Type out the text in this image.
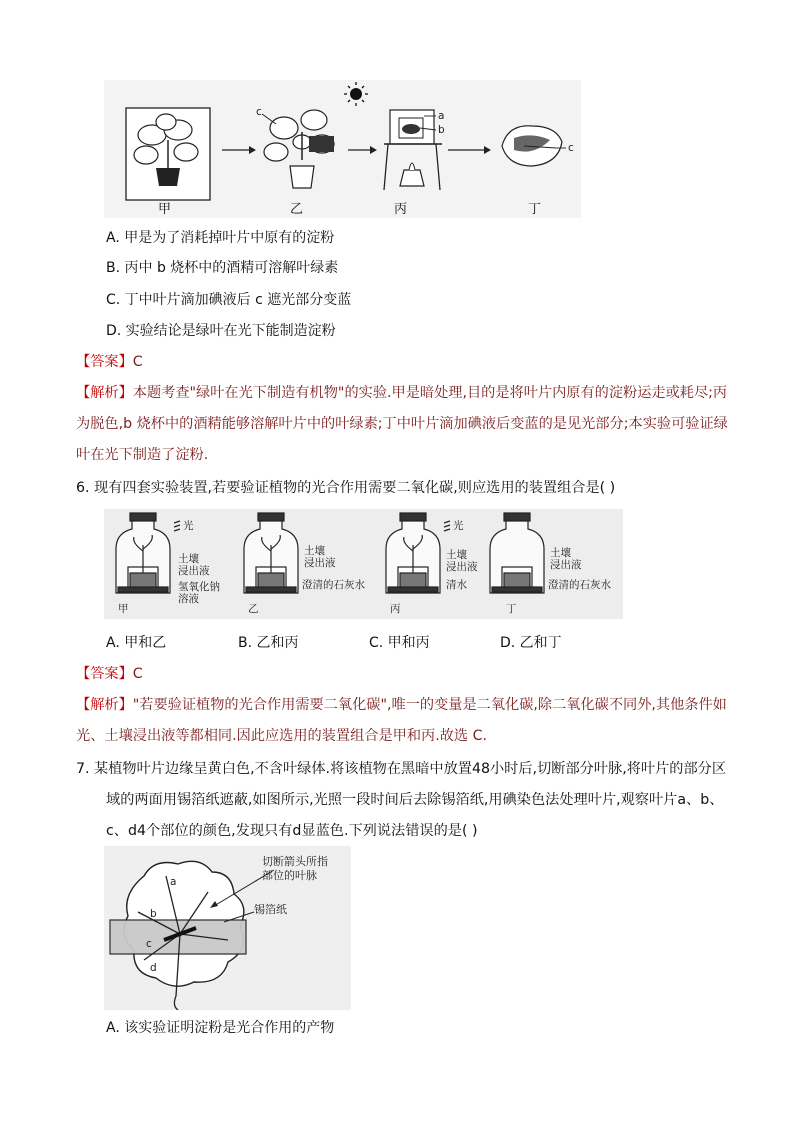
甲	乙	丙	丁
c	a
b
c
A. 甲是为了消耗掉叶片中原有的淀粉
B. 丙中 b 烧杯中的酒精可溶解叶绿素
C. 丁中叶片滴加碘液后 c 遮光部分变蓝
D. 实验结论是绿叶在光下能制造淀粉
【答案】C
【解析】本题考查"绿叶在光下制造有机物"的实验.甲是暗处理,目的是将叶片内原有的淀粉运走或耗尽;丙
为脱色,b 烧杯中的酒精能够溶解叶片中的叶绿素;丁中叶片滴加碘液后变蓝的是见光部分;本实验可验证绿
叶在光下制造了淀粉.
6. 现有四套实验装置,若要验证植物的光合作用需要二氧化碳,则应选用的装置组合是( )
光
土壤
浸出液
氢氧化钠
溶液
土壤
浸出液
澄清的石灰水
光
土壤
浸出液
清水
土壤
浸出液
澄清的石灰水
甲	乙	丙	丁
A. 甲和乙	B. 乙和丙	C. 甲和丙	D. 乙和丁
【答案】C
【解析】"若要验证植物的光合作用需要二氧化碳",唯一的变量是二氧化碳,除二氧化碳不同外,其他条件如
光、土壤浸出液等都相同.因此应选用的装置组合是甲和丙.故选 C.
7. 某植物叶片边缘呈黄白色,不含叶绿体.将该植物在黑暗中放置48小时后,切断部分叶脉,将叶片的部分区
域的两面用锡箔纸遮蔽,如图所示,光照一段时间后去除锡箔纸,用碘染色法处理叶片,观察叶片a、b、
c、d4个部位的颜色,发现只有d显蓝色.下列说法错误的是( )
a
b
c
d
切断箭头所指
部位的叶脉
锡箔纸
A. 该实验证明淀粉是光合作用的产物
